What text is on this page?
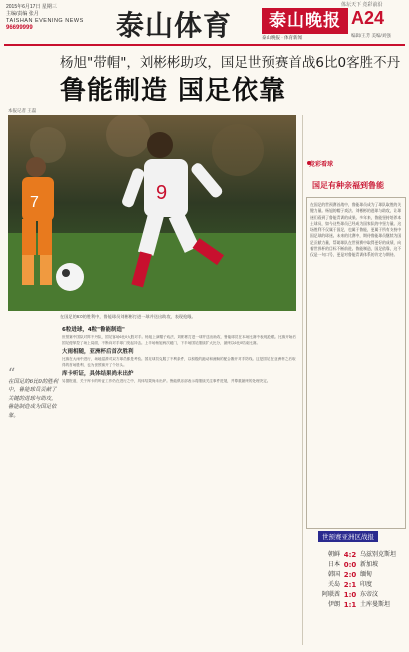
2015年6月17日 星期三
主编/责编 张月
TAISHAN EVENING NEWS
96699999	泰山体育	泰山晚报
泰山晚报 · 体育新闻
体坛天下 竞彩前沿
A24
编辑/王芳 美编/刘强
杨旭"带帽"，刘彬彬助攻，国足世预赛首战6比0客胜不丹
鲁能制造 国足依靠
本报记者 王磊
7	9
在国足的6:0的胜利中，鲁能球员刘彬彬打进一球并送出助攻，表现抢眼。
“
在国足的6比0的胜利中，鲁能球员贡献了关键的进球与助攻，鲁能制造成为国足依靠。
6粒进球，4粒"鲁能制造"
世预赛中国队对阵不丹队，国足客场6比0大胜对手。杨旭上演帽子戏法，刘彬彬打进一球并送出助攻，鲁能球员在本场比赛中表现抢眼。比赛开始后国足便掌控了场上局面，不断向对手球门发起冲击。上半场杨旭两次破门，下半场国足继续扩大比分，最终以6比0结束比赛。
大雨相随，亚洲杯后首次胜利
比赛在大雨中进行，场地湿滑对双方球员都是考验。国足球员克服了不利条件，以积极的跑动和流畅的配合撕开对手防线。这是国足在亚洲杯之后取得的首场胜利，也为世预赛开了个好头。
库卡听证，具体结果尚未出炉
另据报道，关于库卡的听证工作仍在进行之中，具体结果尚未出炉。鲁能俱乐部表示将继续关注事件进展，并尊重最终的处理决定。
竞彩看球
国足有种亲福到鲁能
在国足的世预赛首战中，鲁能球员成为了球队取胜的关键力量。杨旭的帽子戏法、刘彬彬的进球与助攻，让球迷们看到了鲁能青训的成果。多年来，鲁能坚持培养本土球员，如今这些球员已经成为国家队的中坚力量。这场胜利不仅属于国足，也属于鲁能，更属于所有支持中国足球的球迷。未来的比赛中，期待鲁能球员继续为国足贡献力量，帮助球队在世预赛中取得更好的成绩，向着世界杯的目标不断前进。鲁能制造，国足依靠，这不仅是一句口号，更是对鲁能青训体系的肯定与期待。
世预赛亚洲区战报
朝鲜 4:2 乌兹别克斯坦
日本 0:0 新加坡
韩国 2:0 缅甸
关岛 2:1 印度
阿联酋 1:0 东帝汶
伊朗 1:1 土库曼斯坦
